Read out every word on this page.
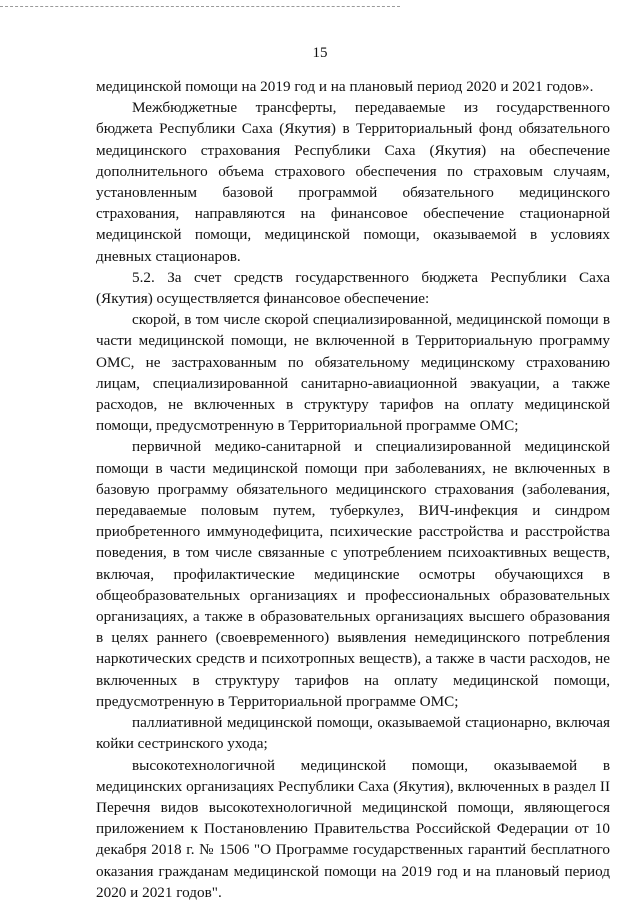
15

медицинской помощи на 2019 год и на плановый период 2020 и 2021 годов».

Межбюджетные трансферты, передаваемые из государственного бюджета Республики Саха (Якутия) в Территориальный фонд обязательного медицинского страхования Республики Саха (Якутия) на обеспечение дополнительного объема страхового обеспечения по страховым случаям, установленным базовой программой обязательного медицинского страхования, направляются на финансовое обеспечение стационарной медицинской помощи, медицинской помощи, оказываемой в условиях дневных стационаров.

5.2. За счет средств государственного бюджета Республики Саха (Якутия) осуществляется финансовое обеспечение:

скорой, в том числе скорой специализированной, медицинской помощи в части медицинской помощи, не включенной в Территориальную программу ОМС, не застрахованным по обязательному медицинскому страхованию лицам, специализированной санитарно-авиационной эвакуации, а также расходов, не включенных в структуру тарифов на оплату медицинской помощи, предусмотренную в Территориальной программе ОМС;

первичной медико-санитарной и специализированной медицинской помощи в части медицинской помощи при заболеваниях, не включенных в базовую программу обязательного медицинского страхования (заболевания, передаваемые половым путем, туберкулез, ВИЧ-инфекция и синдром приобретенного иммунодефицита, психические расстройства и расстройства поведения, в том числе связанные с употреблением психоактивных веществ, включая, профилактические медицинские осмотры обучающихся в общеобразовательных организациях и профессиональных образовательных организациях, а также в образовательных организациях высшего образования в целях раннего (своевременного) выявления немедицинского потребления наркотических средств и психотропных веществ), а также в части расходов, не включенных в структуру тарифов на оплату медицинской помощи, предусмотренную в Территориальной программе ОМС;

паллиативной медицинской помощи, оказываемой стационарно, включая койки сестринского ухода;

высокотехнологичной медицинской помощи, оказываемой в медицинских организациях Республики Саха (Якутия), включенных в раздел II Перечня видов высокотехнологичной медицинской помощи, являющегося приложением к Постановлению Правительства Российской Федерации от 10 декабря 2018 г. № 1506 "О Программе государственных гарантий бесплатного оказания гражданам медицинской помощи на 2019 год и на плановый период 2020 и 2021 годов".
